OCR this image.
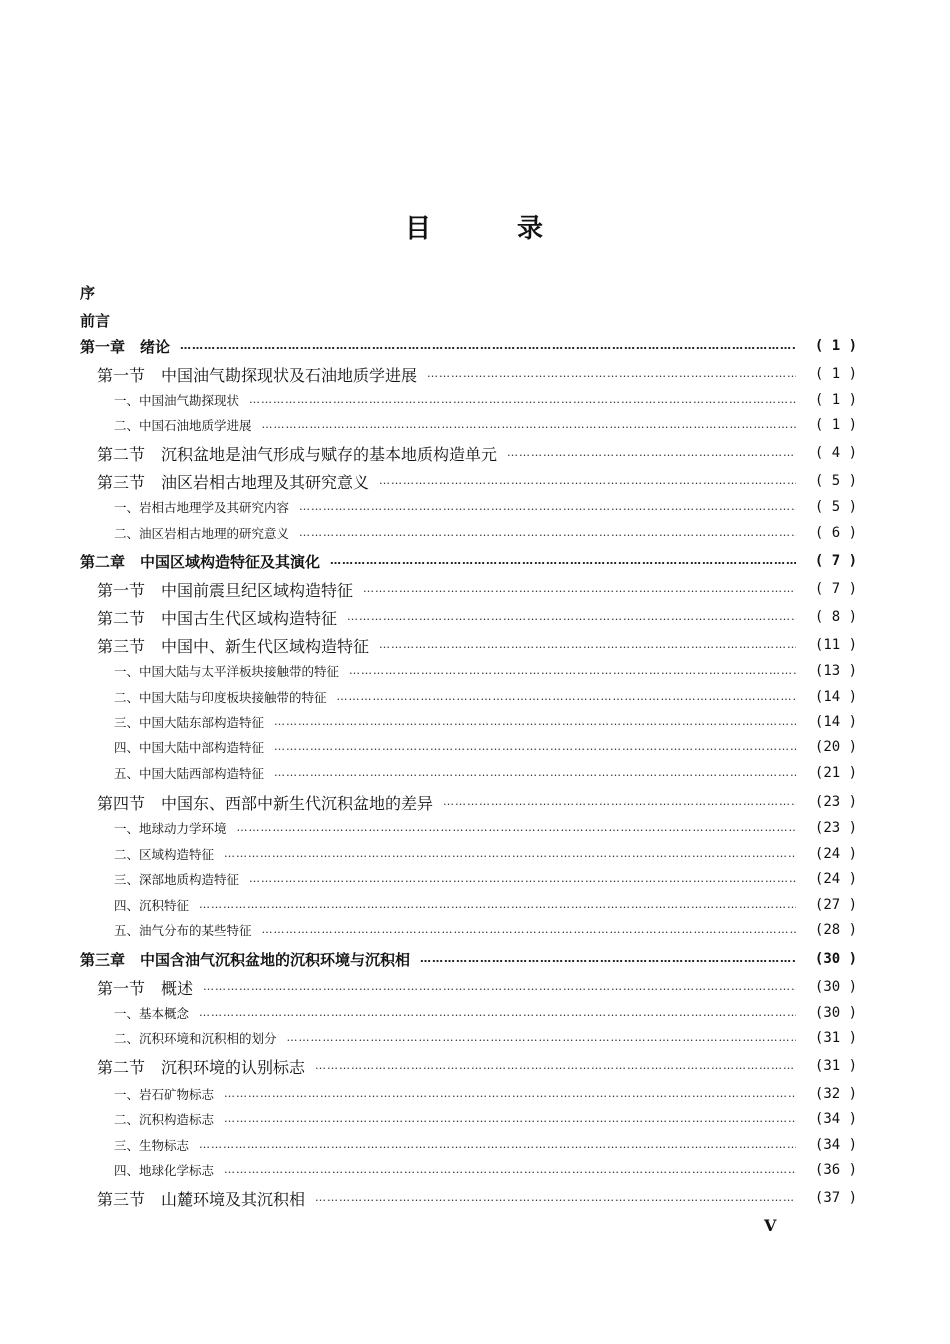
目	录
序
前言
第一章　绪论 …………………………………………………………………………………………………………………………………………………………………………………………………………………………………	( 1 )
第一节　中国油气勘探现状及石油地质学进展 …………………………………………………………………………………………………………………………………………………………………………………………………………………………………	( 1 )
一、中国油气勘探现状 …………………………………………………………………………………………………………………………………………………………………………………………………………………………………	( 1 )
二、中国石油地质学进展 …………………………………………………………………………………………………………………………………………………………………………………………………………………………………	( 1 )
第二节　沉积盆地是油气形成与赋存的基本地质构造单元 …………………………………………………………………………………………………………………………………………………………………………………………………………………………………	( 4 )
第三节　油区岩相古地理及其研究意义 …………………………………………………………………………………………………………………………………………………………………………………………………………………………………	( 5 )
一、岩相古地理学及其研究内容 …………………………………………………………………………………………………………………………………………………………………………………………………………………………………	( 5 )
二、油区岩相古地理的研究意义 …………………………………………………………………………………………………………………………………………………………………………………………………………………………………	( 6 )
第二章　中国区域构造特征及其演化 …………………………………………………………………………………………………………………………………………………………………………………………………………………………………	( 7 )
第一节　中国前震旦纪区域构造特征 …………………………………………………………………………………………………………………………………………………………………………………………………………………………………	( 7 )
第二节　中国古生代区域构造特征 …………………………………………………………………………………………………………………………………………………………………………………………………………………………………	( 8 )
第三节　中国中、新生代区域构造特征 …………………………………………………………………………………………………………………………………………………………………………………………………………………………………	(11 )
一、中国大陆与太平洋板块接触带的特征 …………………………………………………………………………………………………………………………………………………………………………………………………………………………………	(13 )
二、中国大陆与印度板块接触带的特征 …………………………………………………………………………………………………………………………………………………………………………………………………………………………………	(14 )
三、中国大陆东部构造特征 …………………………………………………………………………………………………………………………………………………………………………………………………………………………………	(14 )
四、中国大陆中部构造特征 …………………………………………………………………………………………………………………………………………………………………………………………………………………………………	(20 )
五、中国大陆西部构造特征 …………………………………………………………………………………………………………………………………………………………………………………………………………………………………	(21 )
第四节　中国东、西部中新生代沉积盆地的差异 …………………………………………………………………………………………………………………………………………………………………………………………………………………………………	(23 )
一、地球动力学环境 …………………………………………………………………………………………………………………………………………………………………………………………………………………………………	(23 )
二、区域构造特征 …………………………………………………………………………………………………………………………………………………………………………………………………………………………………	(24 )
三、深部地质构造特征 …………………………………………………………………………………………………………………………………………………………………………………………………………………………………	(24 )
四、沉积特征 …………………………………………………………………………………………………………………………………………………………………………………………………………………………………	(27 )
五、油气分布的某些特征 …………………………………………………………………………………………………………………………………………………………………………………………………………………………………	(28 )
第三章　中国含油气沉积盆地的沉积环境与沉积相 …………………………………………………………………………………………………………………………………………………………………………………………………………………………………	(30 )
第一节　概述 …………………………………………………………………………………………………………………………………………………………………………………………………………………………………	(30 )
一、基本概念 …………………………………………………………………………………………………………………………………………………………………………………………………………………………………	(30 )
二、沉积环境和沉积相的划分 …………………………………………………………………………………………………………………………………………………………………………………………………………………………………	(31 )
第二节　沉积环境的认别标志 …………………………………………………………………………………………………………………………………………………………………………………………………………………………………	(31 )
一、岩石矿物标志 …………………………………………………………………………………………………………………………………………………………………………………………………………………………………	(32 )
二、沉积构造标志 …………………………………………………………………………………………………………………………………………………………………………………………………………………………………	(34 )
三、生物标志 …………………………………………………………………………………………………………………………………………………………………………………………………………………………………	(34 )
四、地球化学标志 …………………………………………………………………………………………………………………………………………………………………………………………………………………………………	(36 )
第三节　山麓环境及其沉积相 …………………………………………………………………………………………………………………………………………………………………………………………………………………………………	(37 )
V
